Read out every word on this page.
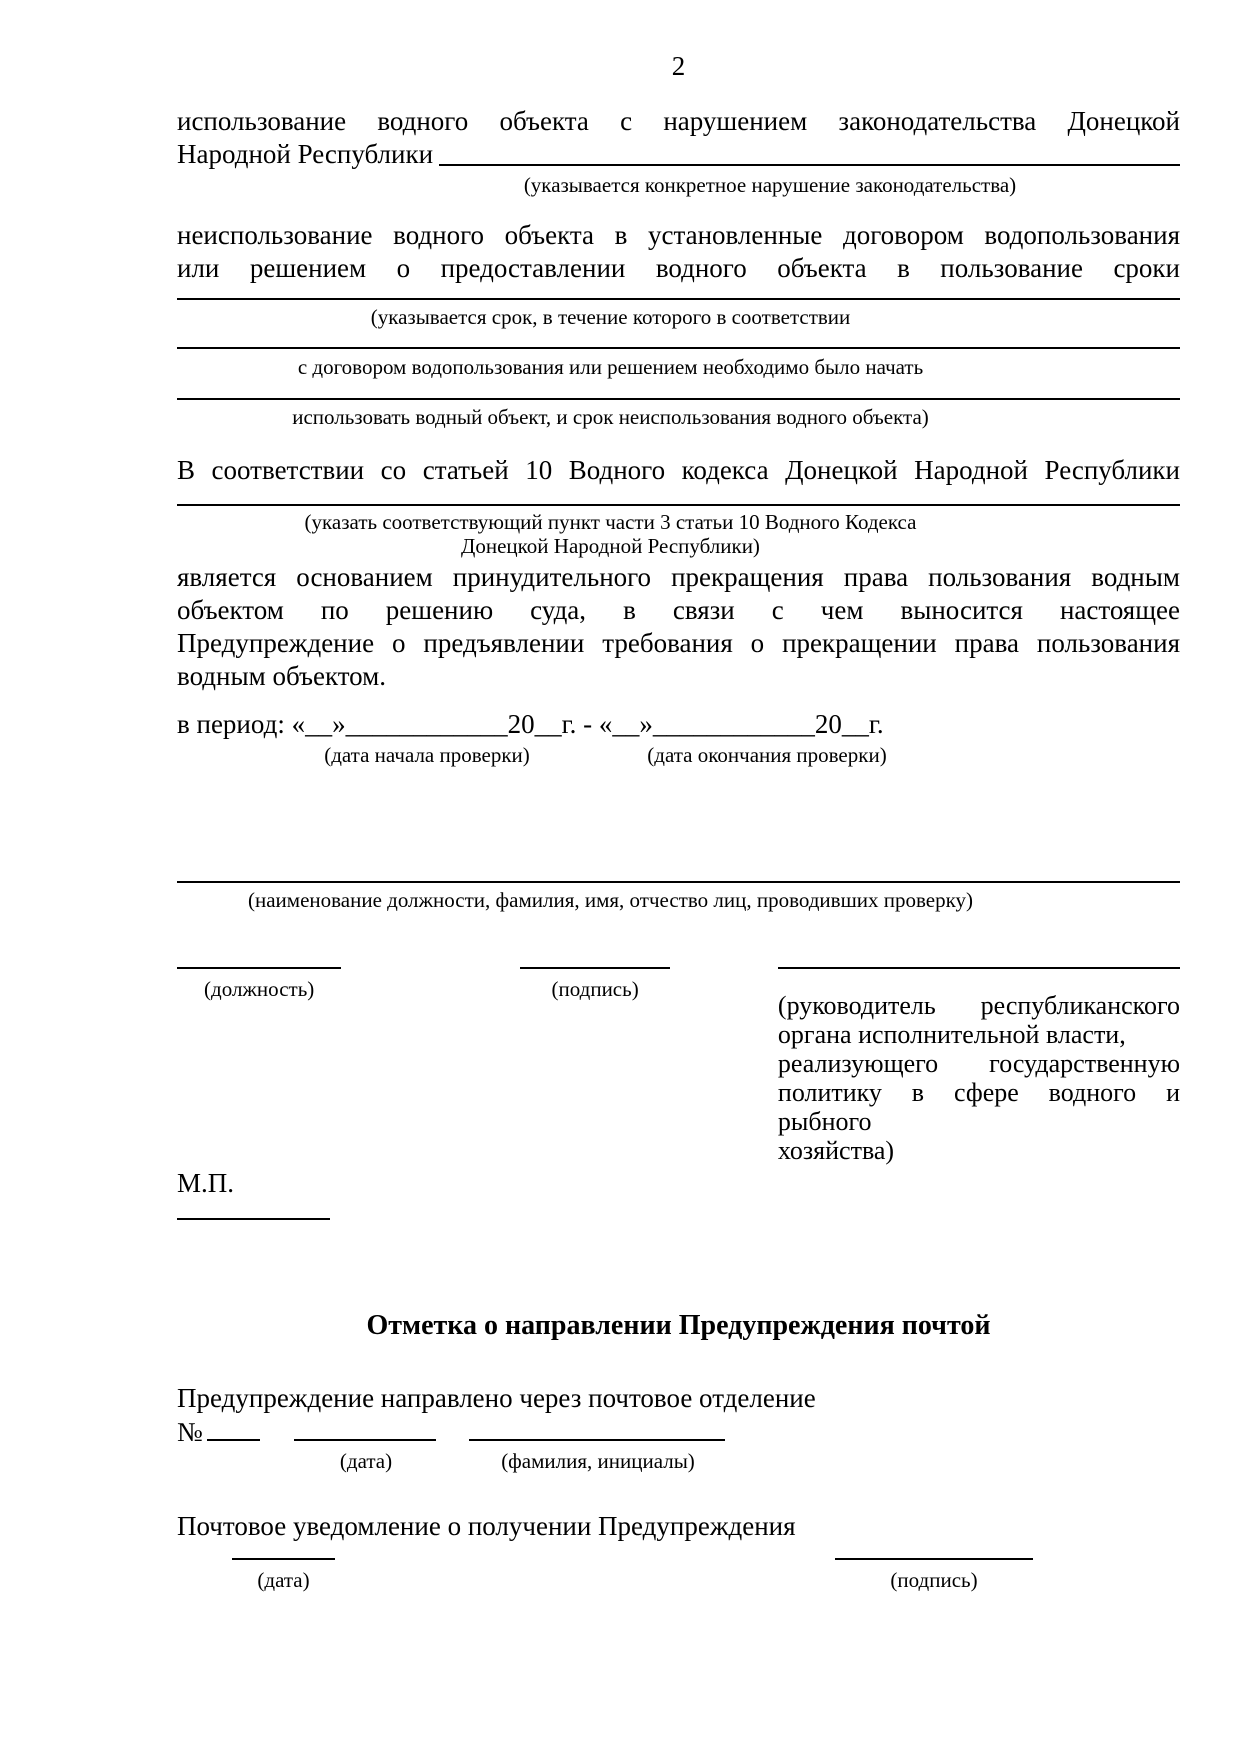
2
использование водного объекта с нарушением законодательства Донецкой
Народной Республики
(указывается конкретное нарушение законодательства)
неиспользование водного объекта в установленные договором водопользования
или решением о предоставлении водного объекта в пользование сроки
(указывается срок, в течение которого в соответствии
с договором водопользования или решением необходимо было начать
использовать водный объект, и срок неиспользования водного объекта)
В соответствии со статьей 10 Водного кодекса Донецкой Народной Республики
(указать соответствующий пункт части 3 статьи 10 Водного Кодекса
Донецкой Народной Республики)
является основанием принудительного прекращения права пользования водным
объектом по решению суда, в связи с чем выносится настоящее
Предупреждение о предъявлении требования о прекращении права пользования
водным объектом.
в период: «__»____________20__г. - «__»____________20__г.
(дата начала проверки)	(дата окончания проверки)
(наименование должности, фамилия, имя, отчество лиц, проводивших проверку)
(должность)	(подпись)
(руководитель республиканского
органа исполнительной власти,
реализующего государственную
политику в сфере водного и рыбного
хозяйства)
М.П.
Отметка о направлении Предупреждения почтой
Предупреждение направлено через почтовое отделение
№
(дата)	(фамилия, инициалы)
Почтовое уведомление о получении Предупреждения
(дата)	(подпись)
